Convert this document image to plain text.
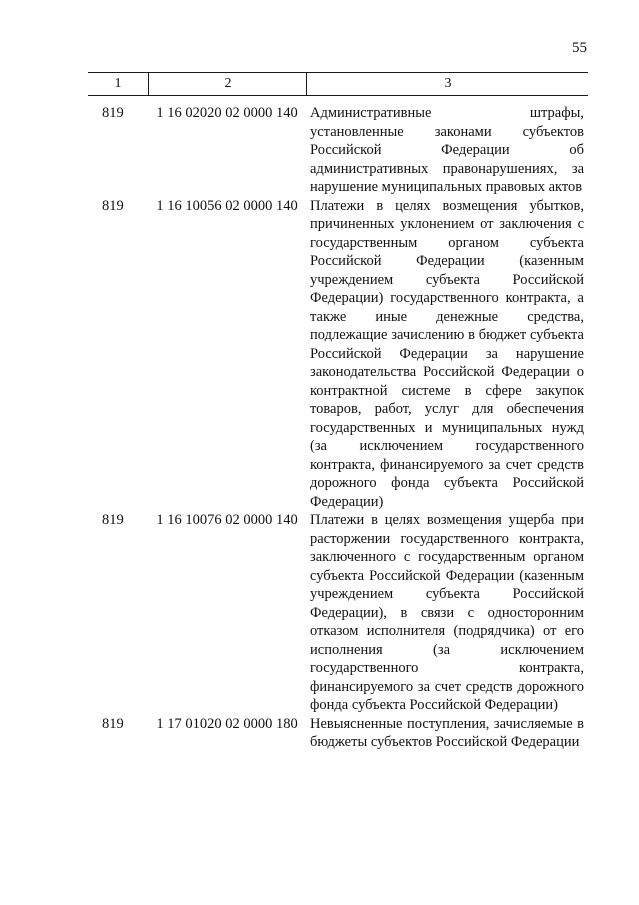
55
1	2	3
819	1 16 02020 02 0000 140 Административные штрафы, установленные законами субъектов Российской Федерации об административных правонарушениях, за нарушение муниципальных правовых актов
819	1 16 10056 02 0000 140 Платежи в целях возмещения убытков, причиненных уклонением от заключения с государственным органом субъекта Российской Федерации (казенным учреждением субъекта Российской Федерации) государственного контракта, а также иные денежные средства, подлежащие зачислению в бюджет субъекта Российской Федерации за нарушение законодательства Российской Федерации о контрактной системе в сфере закупок товаров, работ, услуг для обеспечения государственных и муниципальных нужд (за исключением государственного контракта, финансируемого за счет средств дорожного фонда субъекта Российской Федерации)
819	1 16 10076 02 0000 140 Платежи в целях возмещения ущерба при расторжении государственного контракта, заключенного с государственным органом субъекта Российской Федерации (казенным учреждением субъекта Российской Федерации), в связи с односторонним отказом исполнителя (подрядчика) от его исполнения (за исключением государственного контракта, финансируемого за счет средств дорожного фонда субъекта Российской Федерации)
819	1 17 01020 02 0000 180 Невыясненные поступления, зачисляемые в бюджеты субъектов Российской Федерации
